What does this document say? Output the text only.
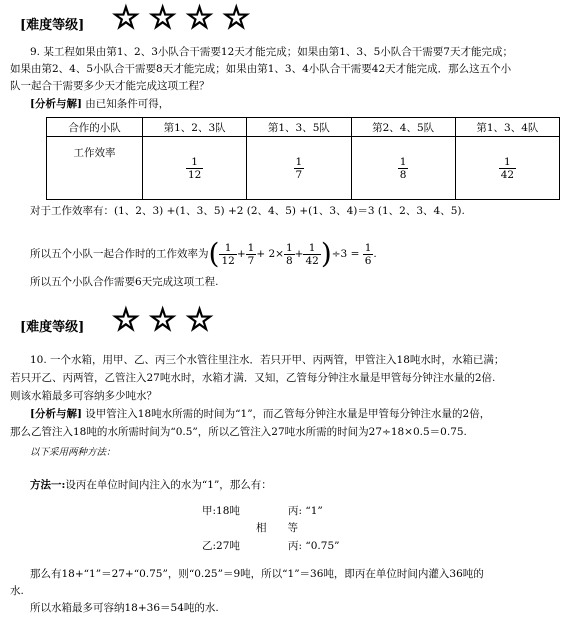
[难度等级] ☆ ☆ ☆ ☆
9. 某工程如果由第1、2、3小队合干需要12天才能完成；如果由第1、3、5小队合干需要7天才能完成；
如果由第2、4、5小队合干需要8天才能完成；如果由第1、3、4小队合干需要42天才能完成．那么这五个小
队一起合干需要多少天才能完成这项工程？
[分析与解] 由已知条件可得，
合作的小队	第1、2、3队	第1、3、5队	第2、4、5队	第1、3、4队
工作效率	$\frac{1}{12}$	$\frac{1}{7}$	$\frac{1}{8}$	$\frac{1}{42}$
对于工作效率有：(1、2、3) +(1、3、5) +2 (2、4、5) +(1、3、4)＝3 (1、2、3、4、5).
所以五个小队一起合作时的工作效率为( $\frac{1}{12} + \frac{1}{7} + 2\times \frac{1}{8} + \frac{1}{42} )\div 3 = \frac{1}{6}$ .
所以五个小队合作需要6天完成这项工程.
[难度等级] ☆ ☆ ☆
10. 一个水箱，用甲、乙、丙三个水管往里注水．若只开甲、丙两管，甲管注入18吨水时，水箱已满；
若只开乙、丙两管，乙管注入27吨水时，水箱才满．又知，乙管每分钟注水量是甲管每分钟注水量的2倍.
则该水箱最多可容纳多少吨水？
[分析与解] 设甲管注入18吨水所需的时间为“1”，而乙管每分钟注水量是甲管每分钟注水量的2倍，
那么乙管注入18吨的水所需时间为“0.5”，所以乙管注入27吨水所需的时间为27÷18×0.5＝0.75.
以下采用两种方法：
方法一:设丙在单位时间内注入的水为“1”，那么有：
甲:18吨	丙: “1”
相　　等
乙:27吨	丙: “0.75”
那么有18+“1”＝27+“0.75”，则“0.25”＝9吨，所以“1”＝36吨，即丙在单位时间内灌入36吨的
水.
所以水箱最多可容纳18+36＝54吨的水.
